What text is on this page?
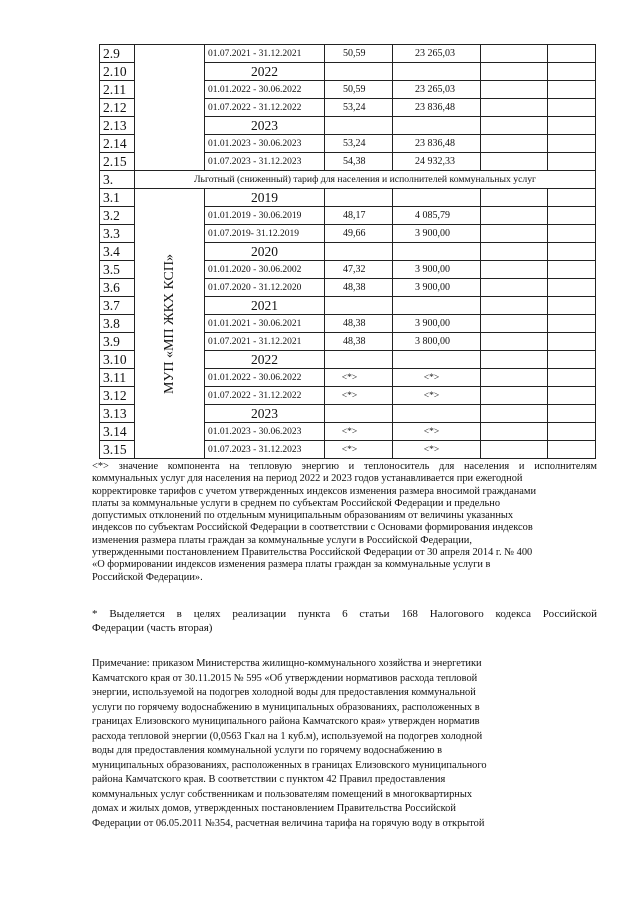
2.9		01.07.2021 - 31.12.2021	50,59	23 265,03		
2.10		2022				
2.11		01.01.2022 - 30.06.2022	50,59	23 265,03		
2.12		01.07.2022 - 31.12.2022	53,24	23 836,48		
2.13		2023				
2.14		01.01.2023 - 30.06.2023	53,24	23 836,48		
2.15		01.07.2023 - 31.12.2023	54,38	24 932,33		
3.	Льготный (сниженный) тариф для населения и исполнителей коммунальных услуг					
3.1	МУП «МП ЖКХ КСП»	2019				
3.2		01.01.2019 - 30.06.2019	48,17	4 085,79		
3.3		01.07.2019- 31.12.2019	49,66	3 900,00		
3.4		2020				
3.5		01.01.2020 - 30.06.2002	47,32	3 900,00		
3.6		01.07.2020 - 31.12.2020	48,38	3 900,00		
3.7		2021				
3.8		01.01.2021 - 30.06.2021	48,38	3 900,00		
3.9		01.07.2021 - 31.12.2021	48,38	3 800,00		
3.10		2022				
3.11		01.01.2022 - 30.06.2022	<*>	<*>		
3.12		01.07.2022 - 31.12.2022	<*>	<*>		
3.13		2023				
3.14		01.01.2023 - 30.06.2023	<*>	<*>		
3.15		01.07.2023 - 31.12.2023	<*>	<*>		
<*> значение компонента на тепловую энергию и теплоноситель для населения и исполнителям
коммунальных услуг для населения на период 2022 и 2023 годов устанавливается при ежегодной
корректировке тарифов с учетом утвержденных индексов изменения размера вносимой гражданами
платы за коммунальные услуги в среднем по субъектам Российской Федерации и предельно
допустимых отклонений по отдельным муниципальным образованиям от величины указанных
индексов по субъектам Российской Федерации в соответствии с Основами формирования индексов
изменения размера платы граждан за коммунальные услуги в Российской Федерации,
утвержденными постановлением Правительства Российской Федерации от 30 апреля 2014 г. № 400
«О формировании индексов изменения размера платы граждан за коммунальные услуги в
Российской Федерации».
* Выделяется в целях реализации пункта 6 статьи 168 Налогового кодекса Российской
Федерации (часть вторая)
Примечание: приказом Министерства жилищно-коммунального хозяйства и энергетики
Камчатского края от 30.11.2015 № 595 «Об утверждении нормативов расхода тепловой
энергии, используемой на подогрев холодной воды для предоставления коммунальной
услуги по горячему водоснабжению в муниципальных образованиях, расположенных в
границах Елизовского муниципального района Камчатского края» утвержден норматив
расхода тепловой энергии (0,0563 Гкал на 1 куб.м), используемой на подогрев холодной
воды для предоставления коммунальной услуги по горячему водоснабжению в
муниципальных образованиях, расположенных в границах Елизовского муниципального
района Камчатского края. В соответствии с пунктом 42 Правил предоставления
коммунальных услуг собственникам и пользователям помещений в многоквартирных
домах и жилых домов, утвержденных постановлением Правительства Российской
Федерации от 06.05.2011 №354, расчетная величина тарифа на горячую воду в открытой
